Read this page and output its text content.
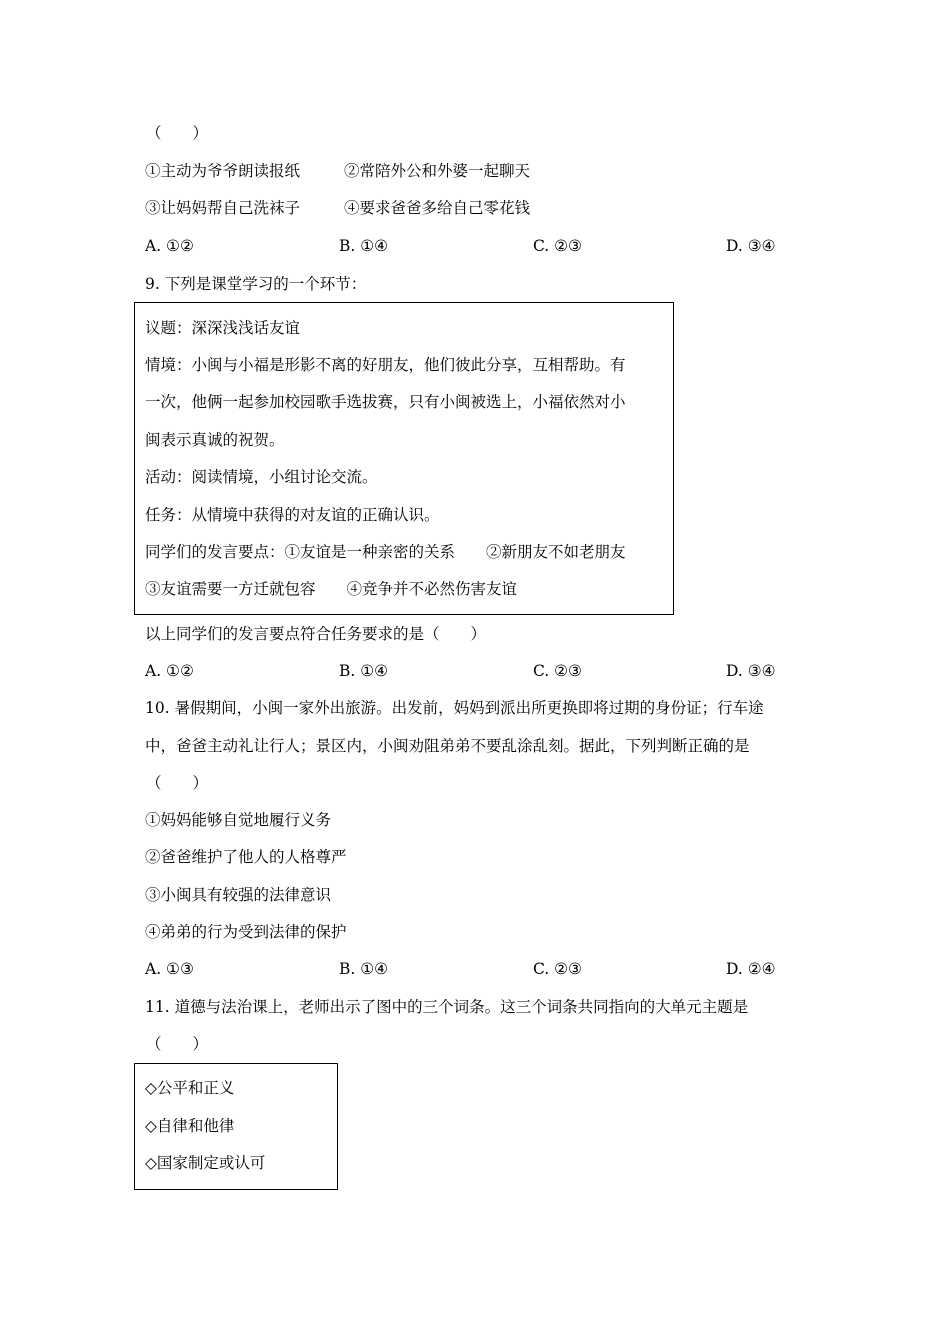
（　　）
①主动为爷爷朗读报纸	②常陪外公和外婆一起聊天
③让妈妈帮自己洗袜子	④要求爸爸多给自己零花钱
A. ①②	B. ①④	C. ②③	D. ③④
9. 下列是课堂学习的一个环节：
议题：深深浅浅话友谊
情境：小闽与小福是形影不离的好朋友，他们彼此分享，互相帮助。有
一次，他俩一起参加校园歌手选拔赛，只有小闽被选上，小福依然对小
闽表示真诚的祝贺。
活动：阅读情境，小组讨论交流。
任务：从情境中获得的对友谊的正确认识。
同学们的发言要点：①友谊是一种亲密的关系　　②新朋友不如老朋友
③友谊需要一方迁就包容　　④竞争并不必然伤害友谊
以上同学们的发言要点符合任务要求的是（　　）
A. ①②	B. ①④	C. ②③	D. ③④
10. 暑假期间，小闽一家外出旅游。出发前，妈妈到派出所更换即将过期的身份证；行车途
中，爸爸主动礼让行人；景区内，小闽劝阻弟弟不要乱涂乱刻。据此，下列判断正确的是
（　　）
①妈妈能够自觉地履行义务
②爸爸维护了他人的人格尊严
③小闽具有较强的法律意识
④弟弟的行为受到法律的保护
A. ①③	B. ①④	C. ②③	D. ②④
11. 道德与法治课上，老师出示了图中的三个词条。这三个词条共同指向的大单元主题是
（　　）
◇公平和正义
◇自律和他律
◇国家制定或认可
